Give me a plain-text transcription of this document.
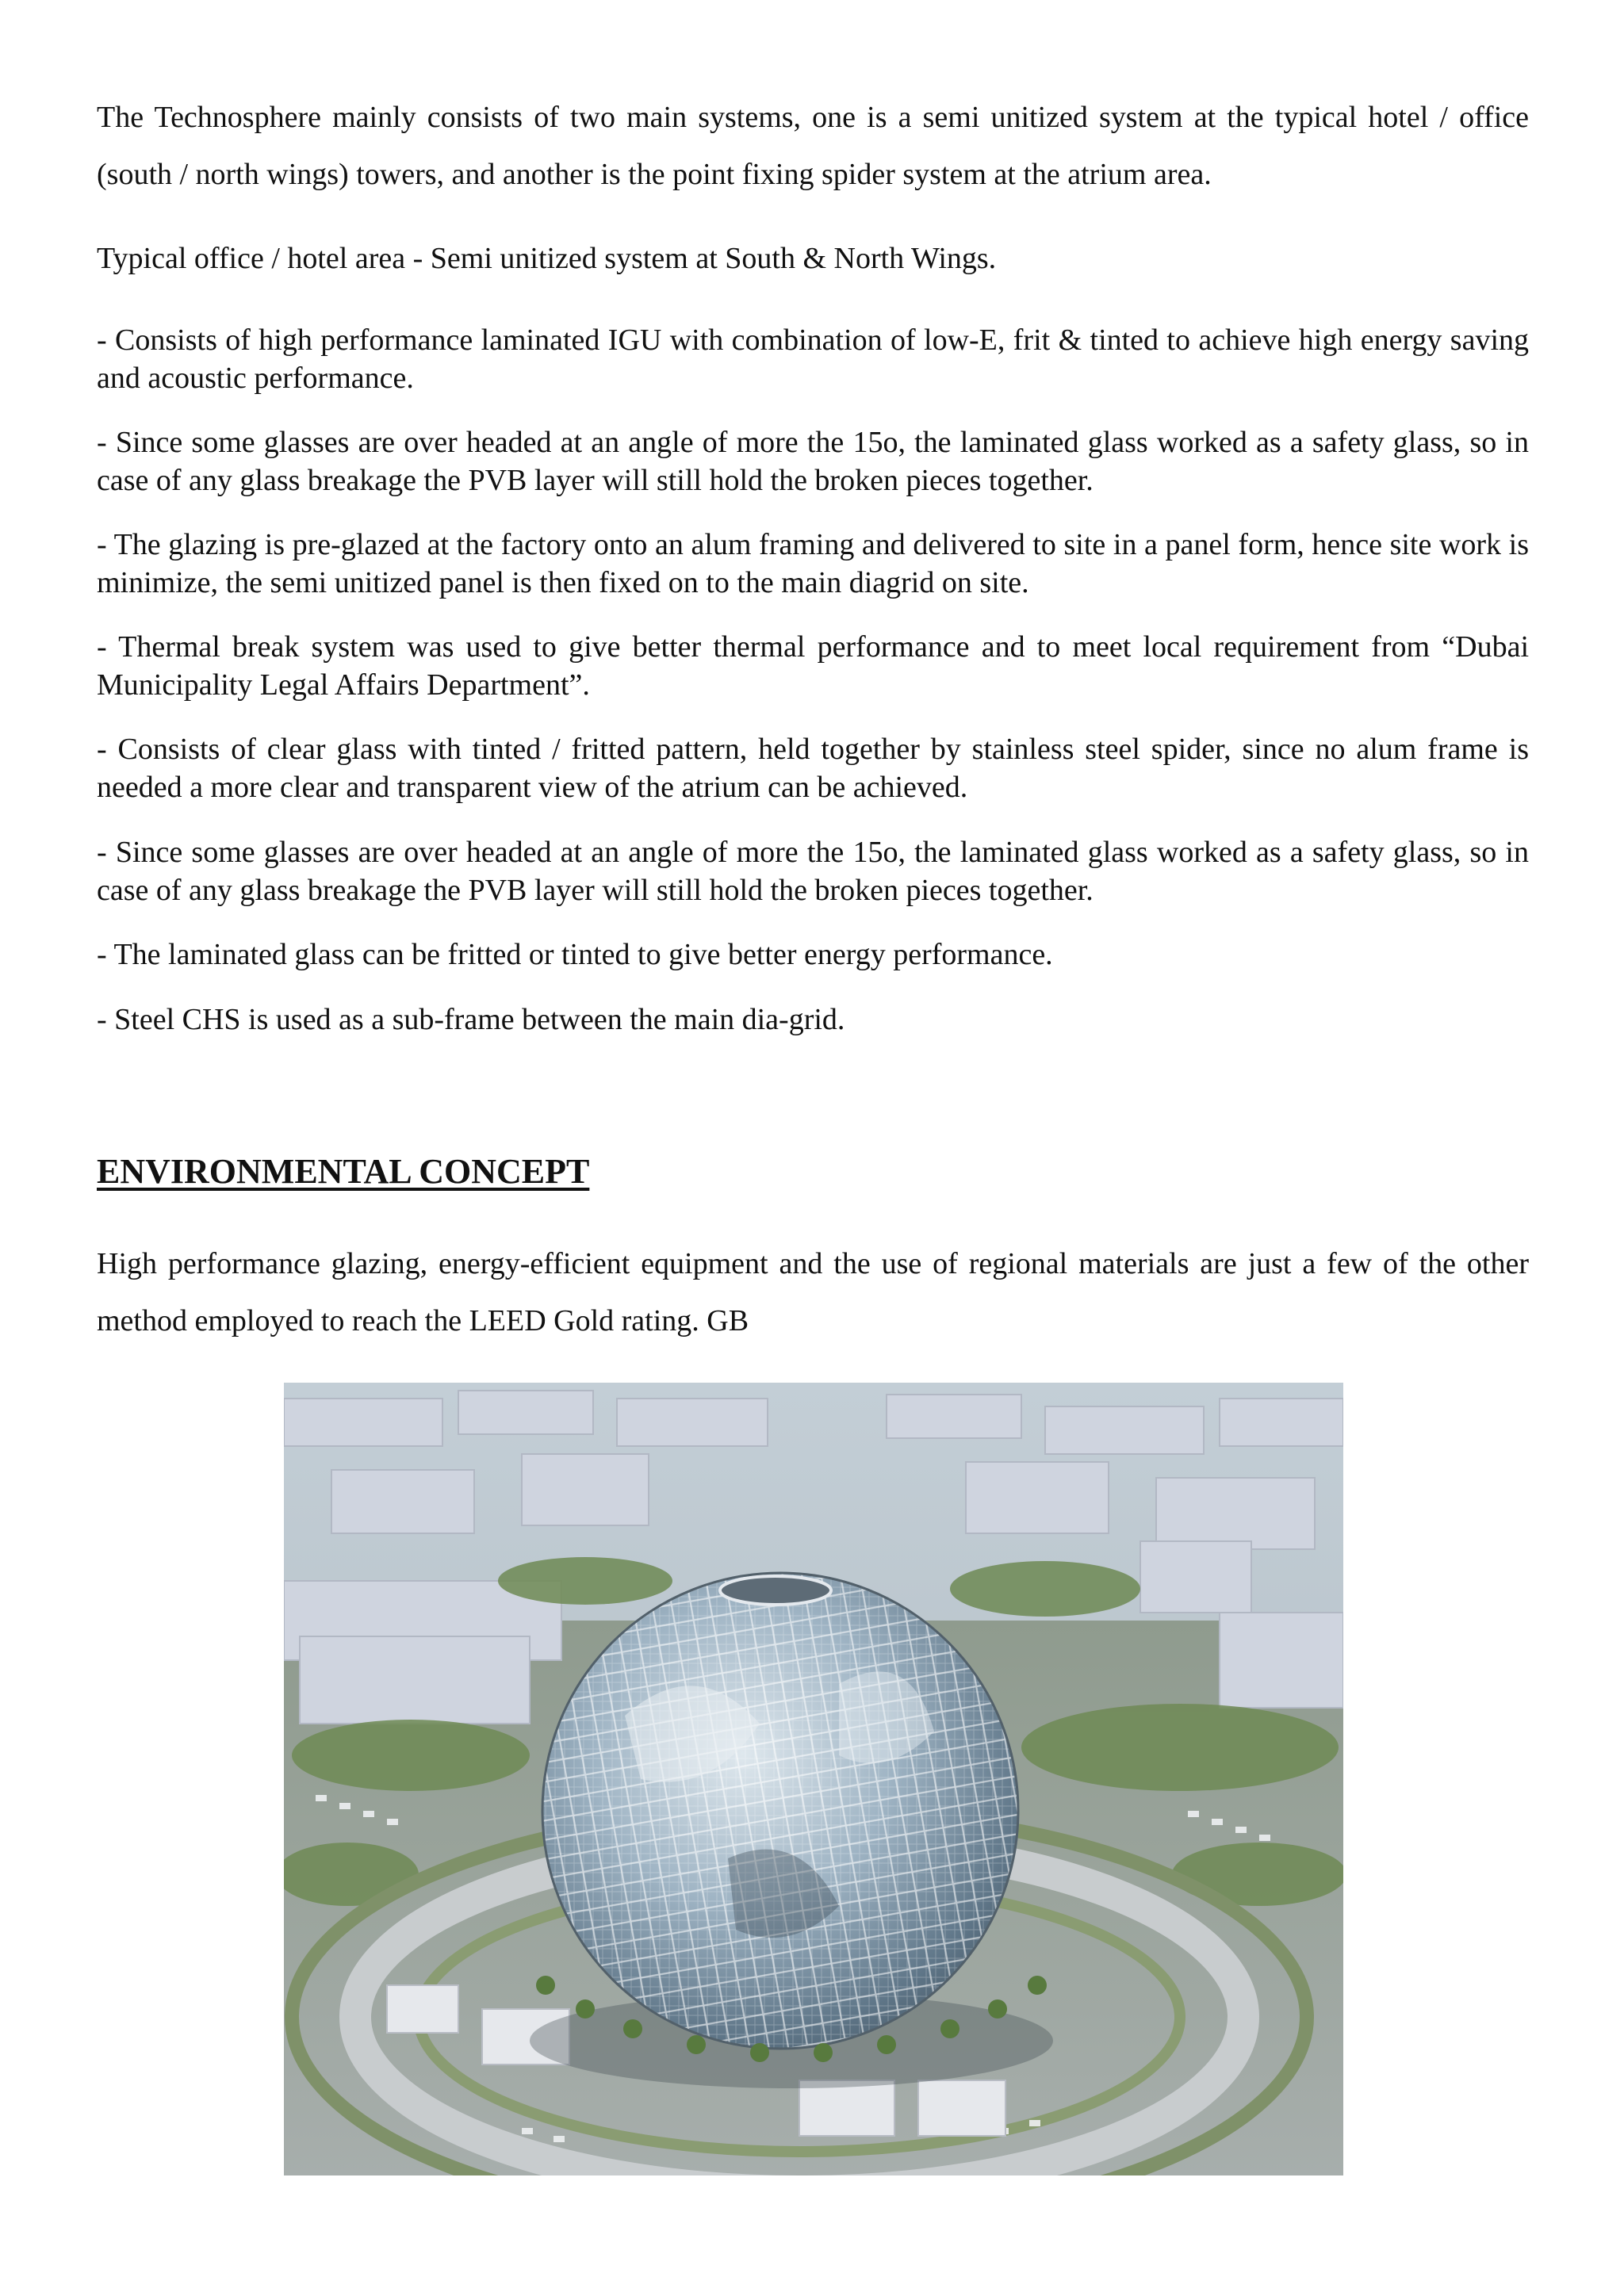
The Technosphere mainly consists of two main systems, one is a semi unitized system at the typical hotel / office (south / north wings) towers, and another is the point fixing spider system at the atrium area.

Typical office / hotel area - Semi unitized system at South & North Wings.

- Consists of high performance laminated IGU with combination of low-E, frit & tinted to achieve high energy saving and acoustic performance.

- Since some glasses are over headed at an angle of more the 15o, the laminated glass worked as a safety glass, so in case of any glass breakage the PVB layer will still hold the broken pieces together.

- The glazing is pre-glazed at the factory onto an alum framing and delivered to site in a panel form, hence site work is minimize, the semi unitized panel is then fixed on to the main diagrid on site.

- Thermal break system was used to give better thermal performance and to meet local requirement from “Dubai Municipality Legal Affairs Department”.

- Consists of clear glass with tinted / fritted pattern, held together by stainless steel spider, since no alum frame is needed a more clear and transparent view of the atrium can be achieved.

- Since some glasses are over headed at an angle of more the 15o, the laminated glass worked as a safety glass, so in case of any glass breakage the PVB layer will still hold the broken pieces together.

- The laminated glass can be fritted or tinted to give better energy performance.

- Steel CHS is used as a sub-frame between the main dia-grid.

ENVIRONMENTAL CONCEPT

High performance glazing, energy-efficient equipment and the use of regional materials are just a few of the other method employed to reach the LEED Gold rating. GB
